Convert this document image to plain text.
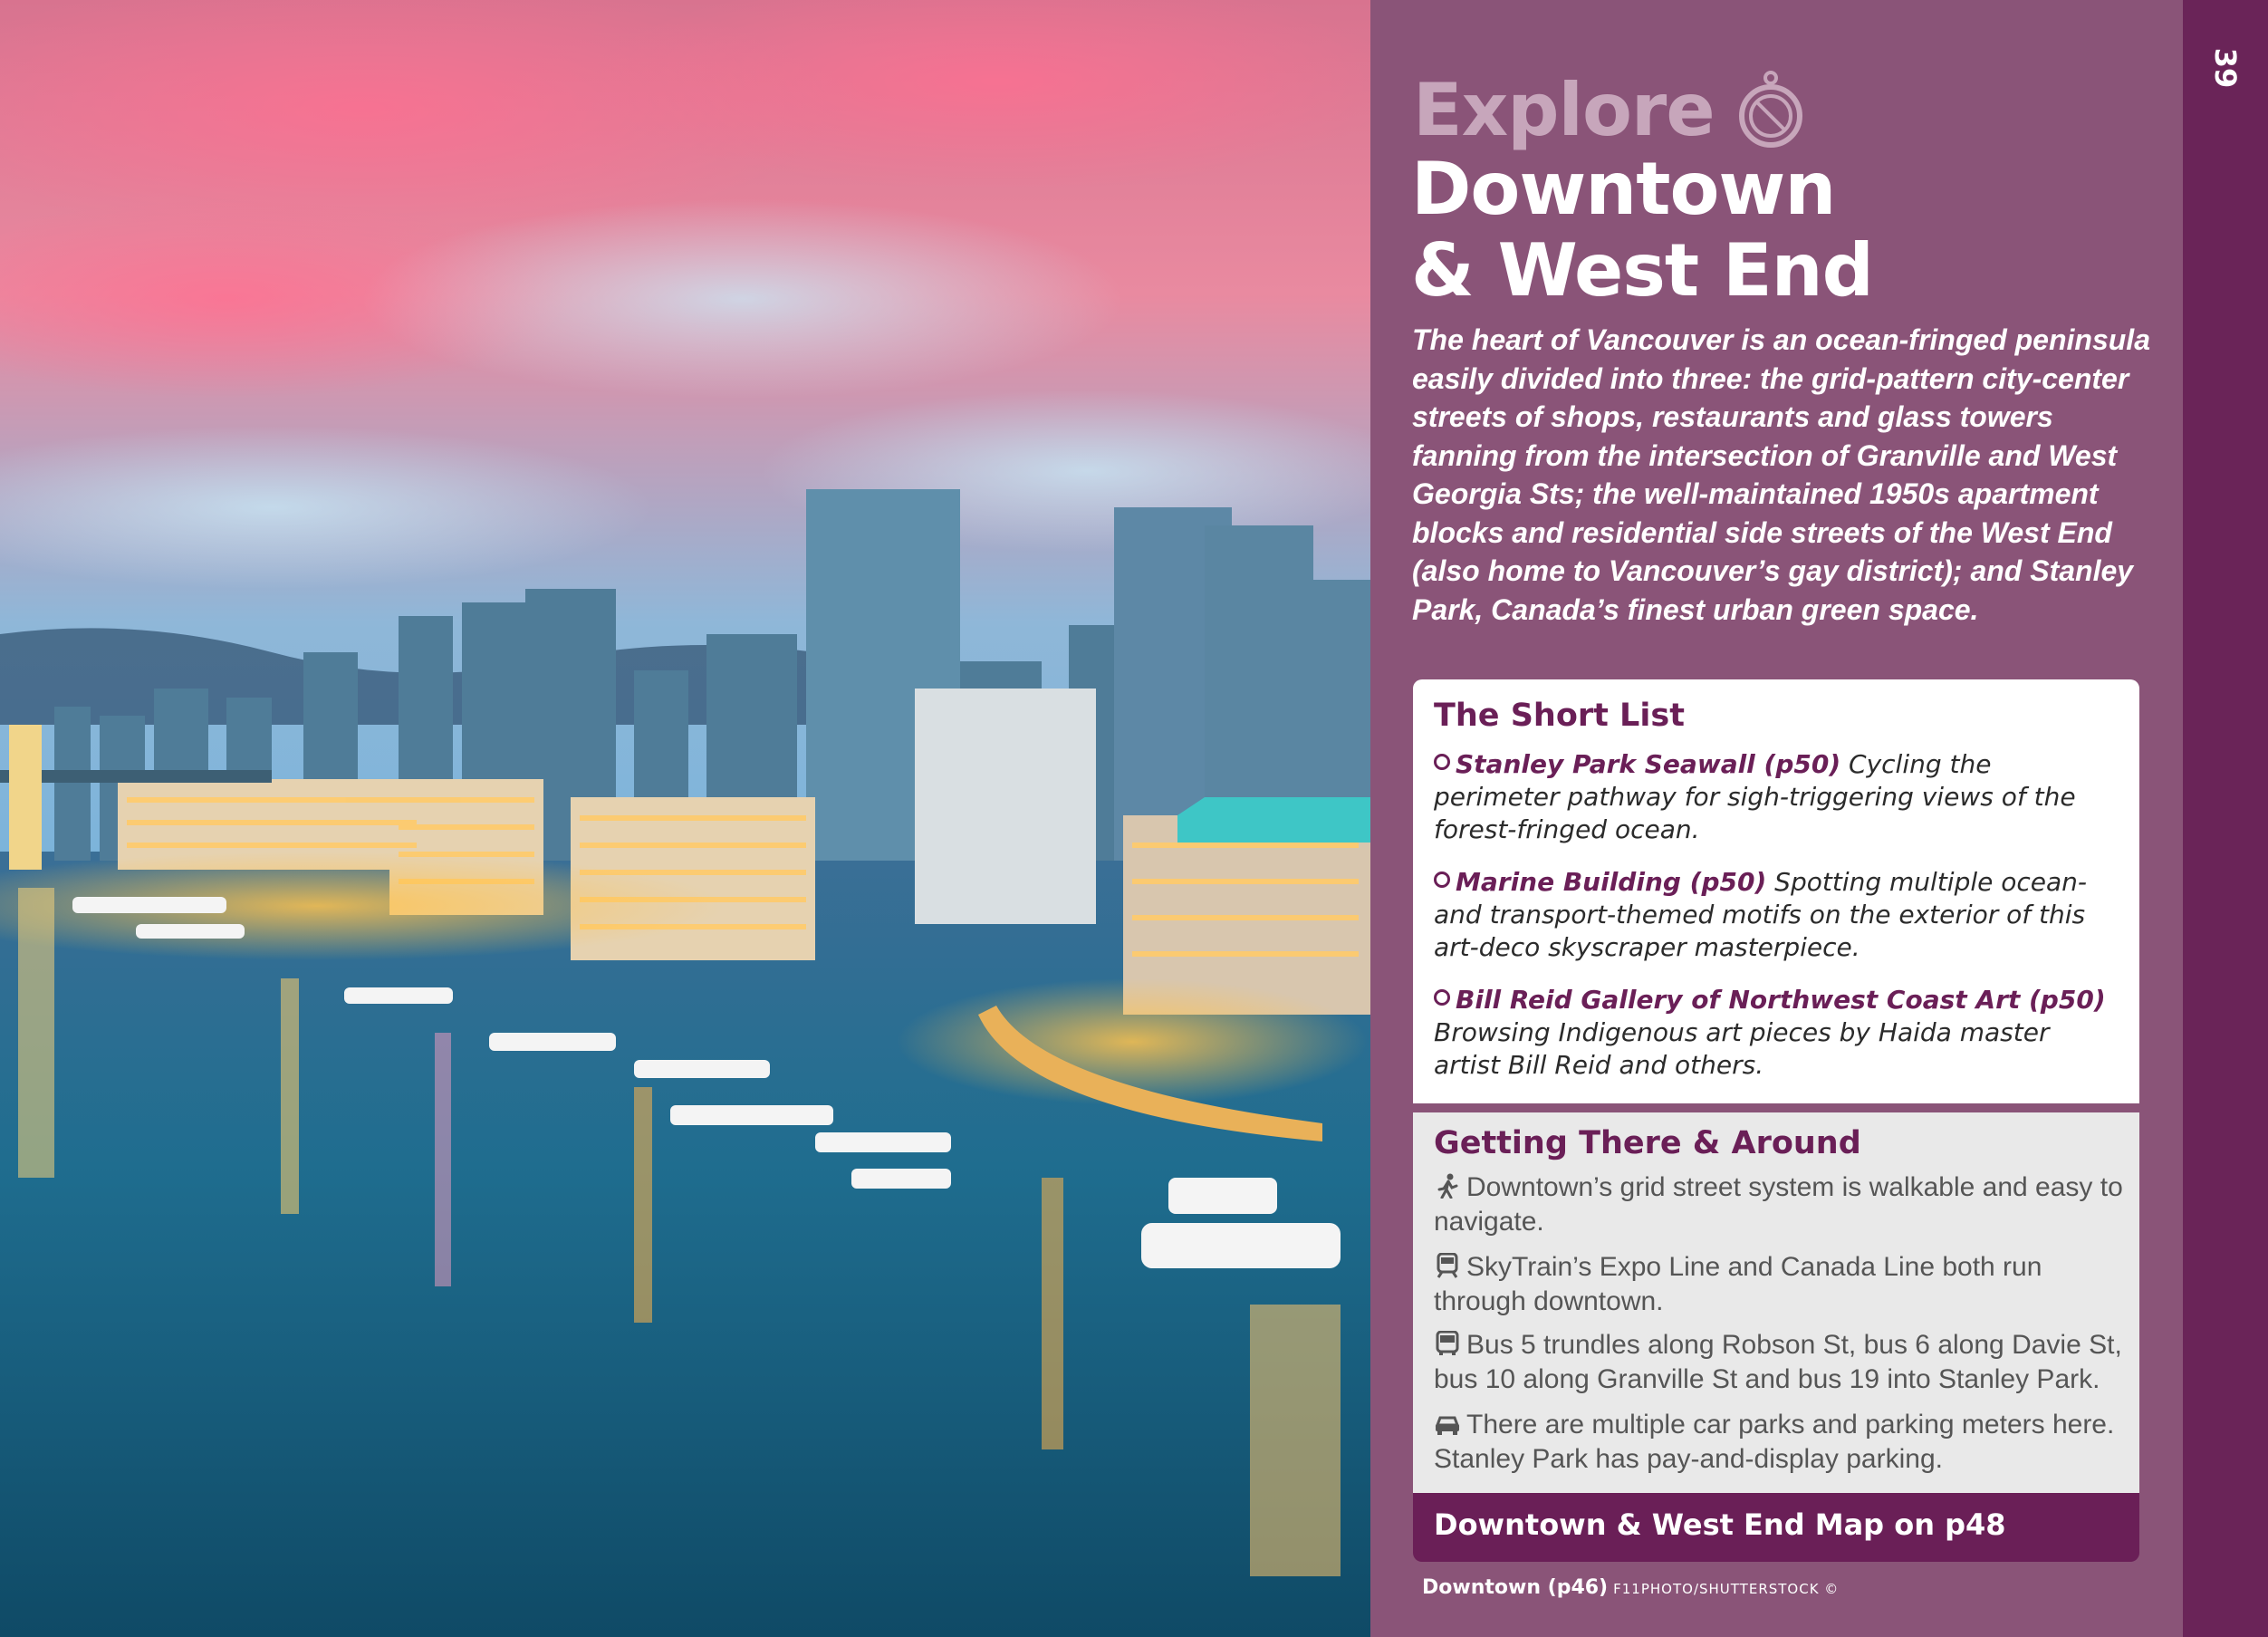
39
Explore
Downtown
& West End
The heart of Vancouver is an ocean-fringed peninsula easily divided into three: the grid-pattern city-center streets of shops, restaurants and glass towers fanning from the intersection of Granville and West Georgia Sts; the well-maintained 1950s apartment blocks and residential side streets of the West End (also home to Vancouver’s gay district); and Stanley Park, Canada’s finest urban green space.
The Short List
Stanley Park Seawall (p50) Cycling the perimeter pathway for sigh-triggering views of the forest-fringed ocean.
Marine Building (p50) Spotting multiple ocean- and transport-themed motifs on the exterior of this art-deco skyscraper masterpiece.
Bill Reid Gallery of Northwest Coast Art (p50) Browsing Indigenous art pieces by Haida master artist Bill Reid and others.
Getting There & Around
Downtown’s grid street system is walkable and easy to navigate.
SkyTrain’s Expo Line and Canada Line both run through downtown.
Bus 5 trundles along Robson St, bus 6 along Davie St, bus 10 along Granville St and bus 19 into Stanley Park.
There are multiple car parks and parking meters here. Stanley Park has pay-and-display parking.
Downtown & West End Map on p48
Downtown (p46) F11PHOTO/SHUTTERSTOCK ©
